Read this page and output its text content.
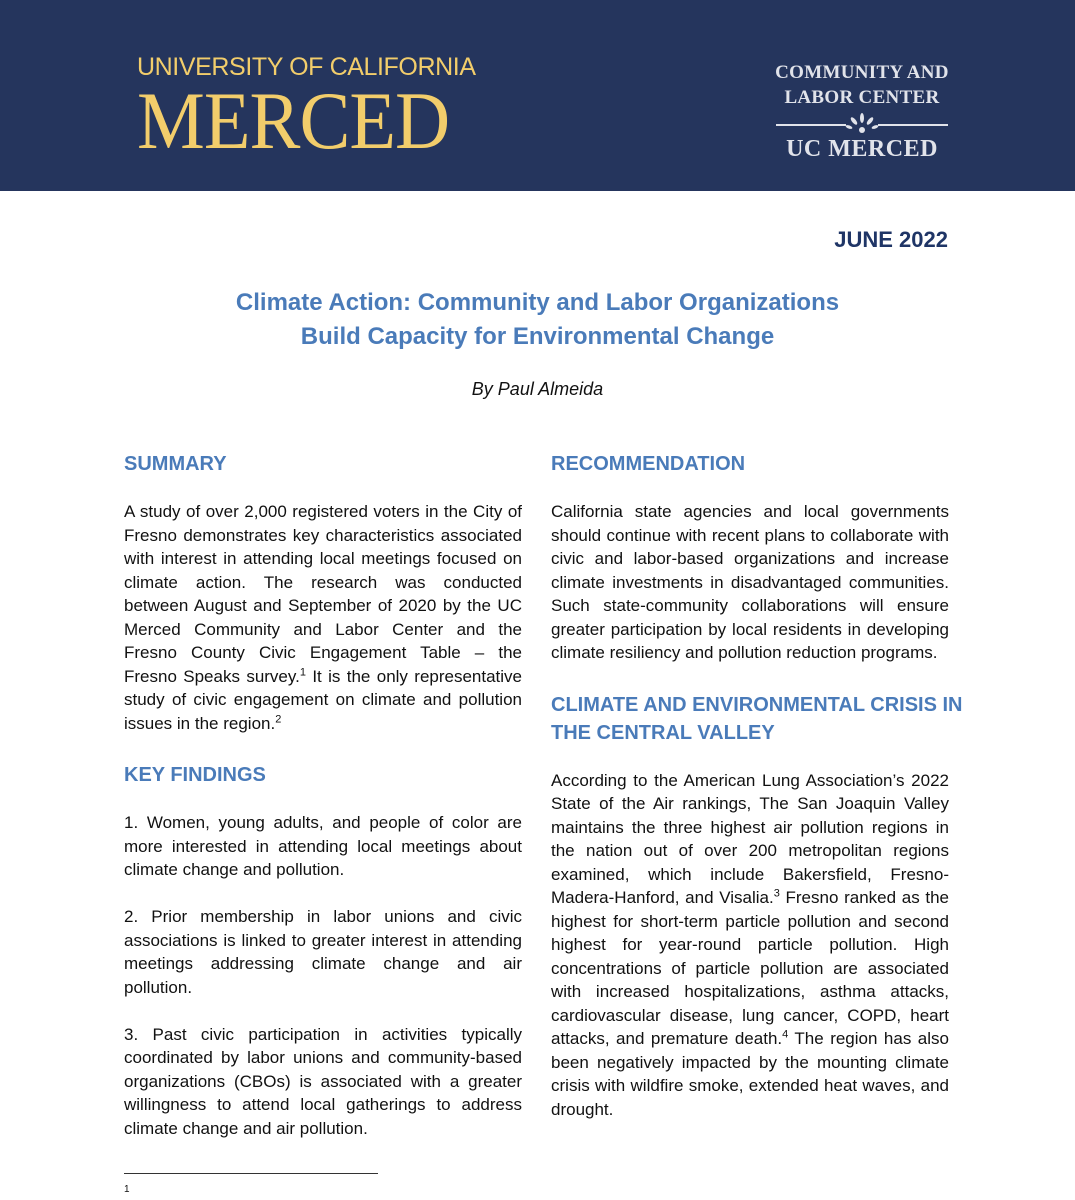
UNIVERSITY OF CALIFORNIA
MERCED
COMMUNITY AND
LABOR CENTER
UC MERCED
JUNE 2022
Climate Action: Community and Labor Organizations
Build Capacity for Environmental Change
By Paul Almeida
SUMMARY

A study of over 2,000 registered voters in the City of Fresno demonstrates key characteristics associated with interest in attending local meetings focused on climate action. The research was conducted between August and September of 2020 by the UC Merced Community and Labor Center and the Fresno County Civic Engagement Table – the Fresno Speaks survey.$^1$ It is the only representative study of civic engagement on climate and pollution issues in the region.$^2$

KEY FINDINGS

1. Women, young adults, and people of color are more interested in attending local meetings about climate change and pollution.

2. Prior membership in labor unions and civic associations is linked to greater interest in attending meetings addressing climate change and air pollution.

3. Past civic participation in activities typically coordinated by labor unions and community-based organizations (CBOs) is associated with a greater willingness to attend local gatherings to address climate change and air pollution.

RECOMMENDATION

California state agencies and local governments should continue with recent plans to collaborate with civic and labor-based organizations and increase climate investments in disadvantaged communities. Such state-community collaborations will ensure greater participation by local residents in developing climate resiliency and pollution reduction programs.

CLIMATE AND ENVIRONMENTAL CRISIS IN
THE CENTRAL VALLEY

According to the American Lung Association’s 2022 State of the Air rankings, The San Joaquin Valley maintains the three highest air pollution regions in the nation out of over 200 metropolitan regions examined, which include Bakersfield, Fresno-Madera-Hanford, and Visalia.$^3$ Fresno ranked as the highest for short-term particle pollution and second highest for year-round particle pollution. High concentrations of particle pollution are associated with increased hospitalizations, asthma attacks, cardiovascular disease, lung cancer, COPD, heart attacks, and premature death.$^4$ The region has also been negatively impacted by the mounting climate crisis with wildfire smoke, extended heat waves, and drought.

1
